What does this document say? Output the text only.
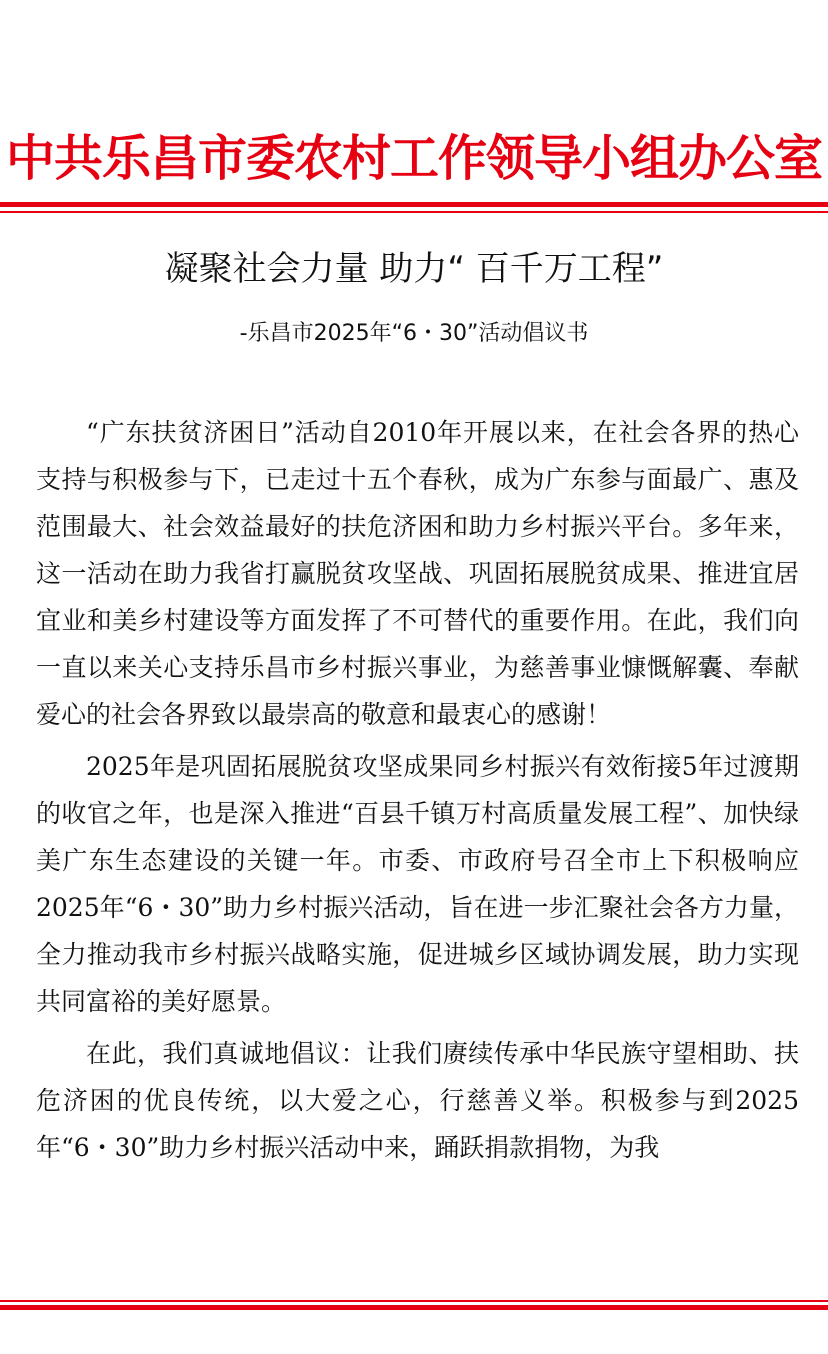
中共乐昌市委农村工作领导小组办公室
凝聚社会力量 助力“ 百千万工程”
-乐昌市2025年“6・30”活动倡议书

“广东扶贫济困日”活动自2010年开展以来，在社会各界的热心支持与积极参与下，已走过十五个春秋，成为广东参与面最广、惠及范围最大、社会效益最好的扶危济困和助力乡村振兴平台。多年来，这一活动在助力我省打赢脱贫攻坚战、巩固拓展脱贫成果、推进宜居宜业和美乡村建设等方面发挥了不可替代的重要作用。在此，我们向一直以来关心支持乐昌市乡村振兴事业，为慈善事业慷慨解囊、奉献爱心的社会各界致以最崇高的敬意和最衷心的感谢！

2025年是巩固拓展脱贫攻坚成果同乡村振兴有效衔接5年过渡期的收官之年，也是深入推进“百县千镇万村高质量发展工程”、加快绿美广东生态建设的关键一年。市委、市政府号召全市上下积极响应2025年“6・30”助力乡村振兴活动，旨在进一步汇聚社会各方力量，全力推动我市乡村振兴战略实施，促进城乡区域协调发展，助力实现共同富裕的美好愿景。

在此，我们真诚地倡议：让我们赓续传承中华民族守望相助、扶危济困的优良传统，以大爱之心，行慈善义举。积极参与到2025年“6・30”助力乡村振兴活动中来，踊跃捐款捐物，为我
